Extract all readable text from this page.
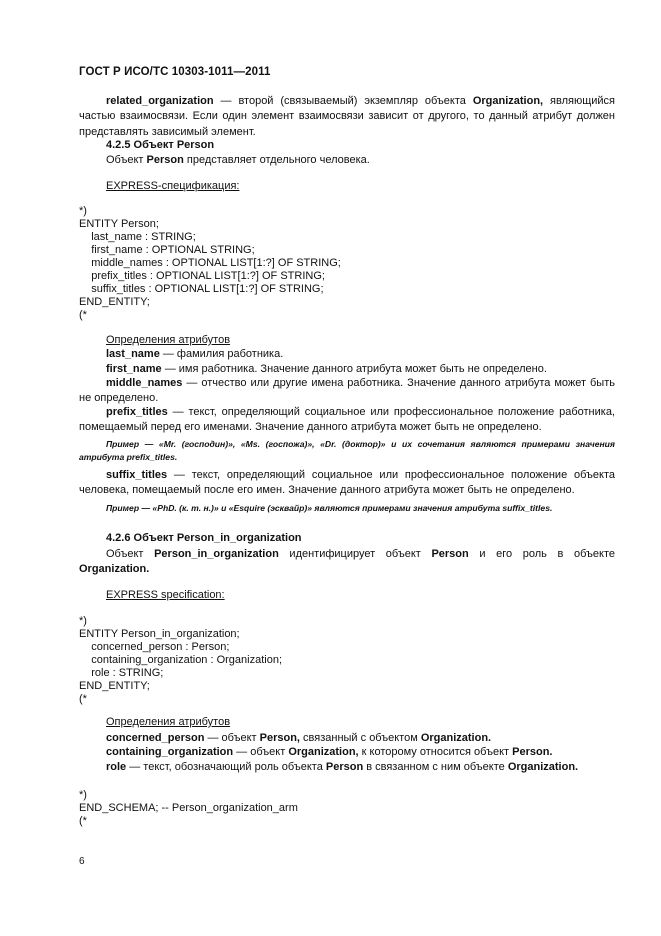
ГОСТ Р ИСО/ТС 10303-1011—2011
related_organization — второй (связываемый) экземпляр объекта Organization, являющийся частью взаимосвязи. Если один элемент взаимосвязи зависит от другого, то данный атрибут должен представлять зависимый элемент.
4.2.5 Объект Person
Объект Person представляет отдельного человека.
EXPRESS-спецификация:
*)
ENTITY Person;
last_name : STRING;
first_name : OPTIONAL STRING;
middle_names : OPTIONAL LIST[1:?] OF STRING;
prefix_titles : OPTIONAL LIST[1:?] OF STRING;
suffix_titles : OPTIONAL LIST[1:?] OF STRING;
END_ENTITY;
(*
Определения атрибутов
last_name — фамилия работника.
first_name — имя работника. Значение данного атрибута может быть не определено.
middle_names — отчество или другие имена работника. Значение данного атрибута может быть не определено.
prefix_titles — текст, определяющий социальное или профессиональное положение работника, помещаемый перед его именами. Значение данного атрибута может быть не определено.
Пример — «Mr. (господин)», «Ms. (госпожа)», «Dr. (доктор)» и их сочетания являются примерами значения атрибута prefix_titles.
suffix_titles — текст, определяющий социальное или профессиональное положение объекта человека, помещаемый после его имен. Значение данного атрибута может быть не определено.
Пример — «PhD. (к. т. н.)» и «Esquire (эсквайр)» являются примерами значения атрибута suffix_titles.
4.2.6 Объект Person_in_organization
Объект Person_in_organization идентифицирует объект Person и его роль в объекте Organization.
EXPRESS specification:
*)
ENTITY Person_in_organization;
concerned_person : Person;
containing_organization : Organization;
role : STRING;
END_ENTITY;
(*
Определения атрибутов
concerned_person — объект Person, связанный с объектом Organization.
containing_organization — объект Organization, к которому относится объект Person.
role — текст, обозначающий роль объекта Person в связанном с ним объекте Organization.
*)
END_SCHEMA; -- Person_organization_arm
(*
6
